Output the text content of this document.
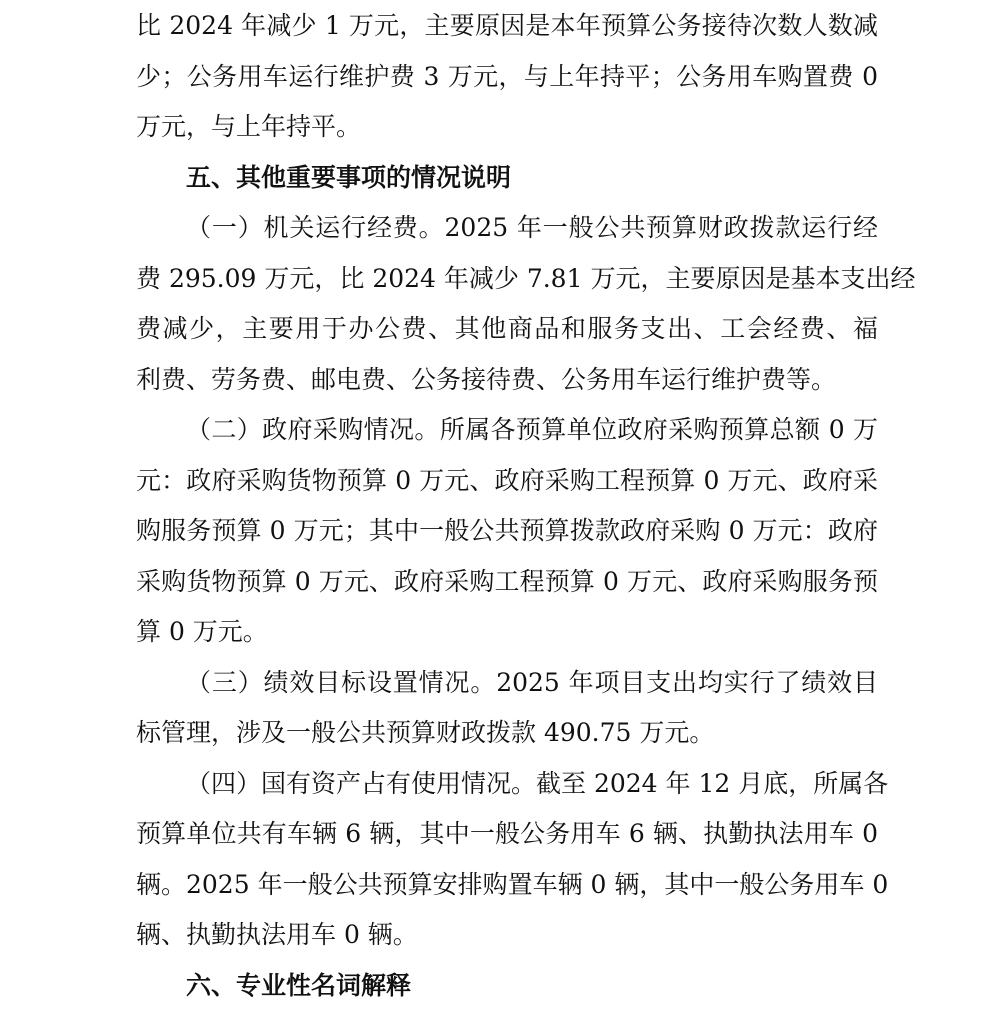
比 2024 年减少 1 万元，主要原因是本年预算公务接待次数人数减
少；公务用车运行维护费 3 万元，与上年持平；公务用车购置费 0
万元，与上年持平。
五、其他重要事项的情况说明
（一）机关运行经费。2025 年一般公共预算财政拨款运行经
费 295.09 万元，比 2024 年减少 7.81 万元，主要原因是基本支出经
费减少，主要用于办公费、其他商品和服务支出、工会经费、福
利费、劳务费、邮电费、公务接待费、公务用车运行维护费等。
（二）政府采购情况。所属各预算单位政府采购预算总额 0 万
元：政府采购货物预算 0 万元、政府采购工程预算 0 万元、政府采
购服务预算 0 万元；其中一般公共预算拨款政府采购 0 万元：政府
采购货物预算 0 万元、政府采购工程预算 0 万元、政府采购服务预
算 0 万元。
（三）绩效目标设置情况。2025 年项目支出均实行了绩效目
标管理，涉及一般公共预算财政拨款 490.75 万元。
（四）国有资产占有使用情况。截至 2024 年 12 月底，所属各
预算单位共有车辆 6 辆，其中一般公务用车 6 辆、执勤执法用车 0
辆。2025 年一般公共预算安排购置车辆 0 辆，其中一般公务用车 0
辆、执勤执法用车 0 辆。
六、专业性名词解释
